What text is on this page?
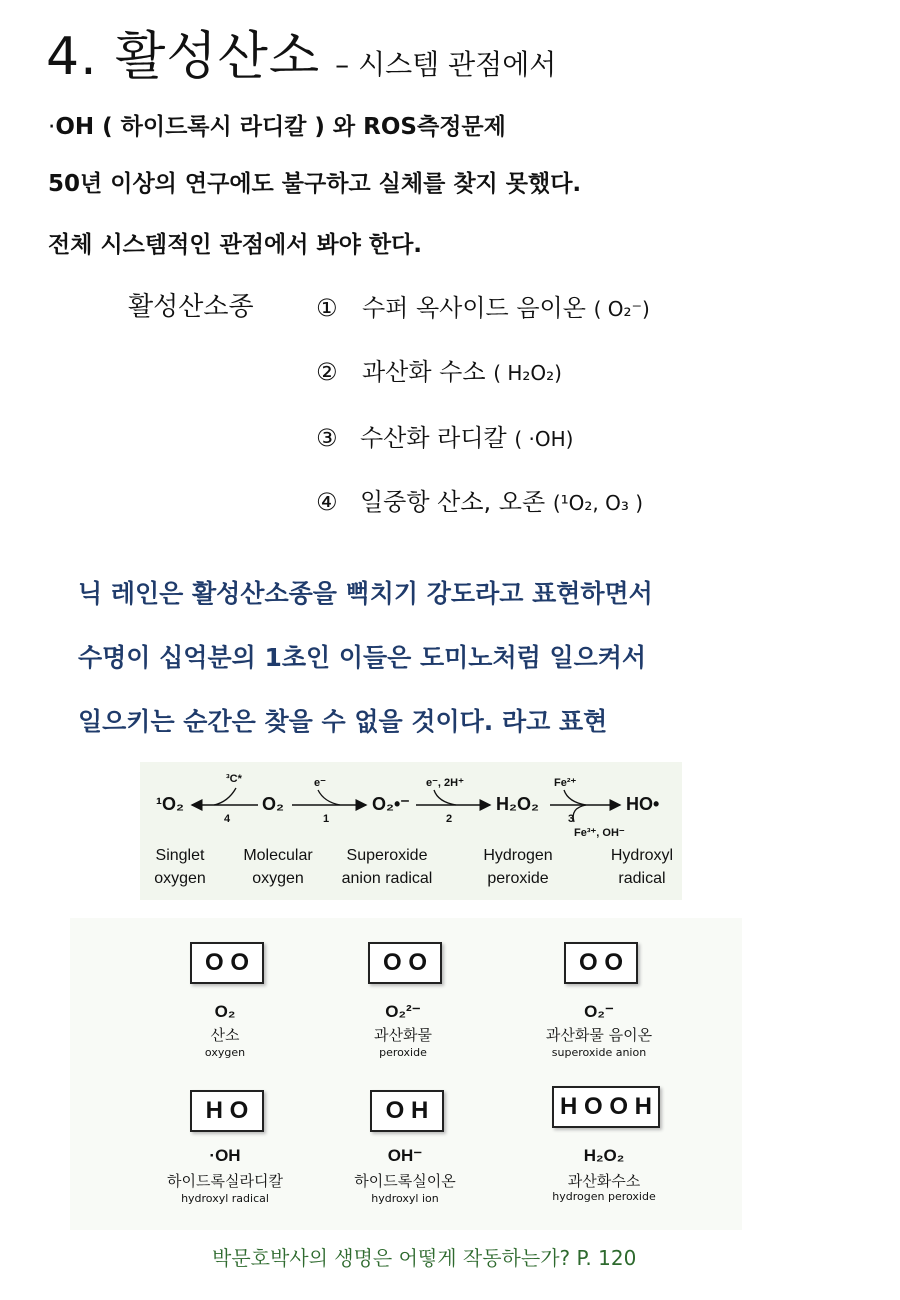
4. 활성산소 – 시스템 관점에서
·OH ( 하이드록시 라디칼 ) 와 ROS측정문제
50년 이상의 연구에도 불구하고 실체를 찾지 못했다.
전체 시스템적인 관점에서 봐야 한다.
활성산소종	① 수퍼 옥사이드 음이온 ( O₂⁻)
② 과산화 수소 ( H₂O₂)
③ 수산화 라디칼 ( ·OH)
④ 일중항 산소, 오존 (¹O₂, O₃ )
닉 레인은 활성산소종을 뻑치기 강도라고 표현하면서
수명이 십억분의 1초인 이들은 도미노처럼 일으켜서
일으키는 순간은 찾을 수 없을 것이다. 라고 표현
¹O₂	O₂	O₂•⁻	H₂O₂	HO•
³C*
4
e⁻
1
e⁻, 2H⁺
2
Fe²⁺
3
Fe³⁺, OH⁻
Singlet
oxygen
Molecular
oxygen
Superoxide
anion radical
Hydrogen
peroxide
Hydroxyl
radical
O O
O₂
산소
oxygen
O O
O₂²⁻
과산화물
peroxide
O O
O₂⁻
과산화물 음이온
superoxide anion
H O
·OH
하이드록실라디칼
hydroxyl radical
O H
OH⁻
하이드록실이온
hydroxyl ion
H O O H
H₂O₂
과산화수소
hydrogen peroxide
박문호박사의 생명은 어떻게 작동하는가? P. 120
